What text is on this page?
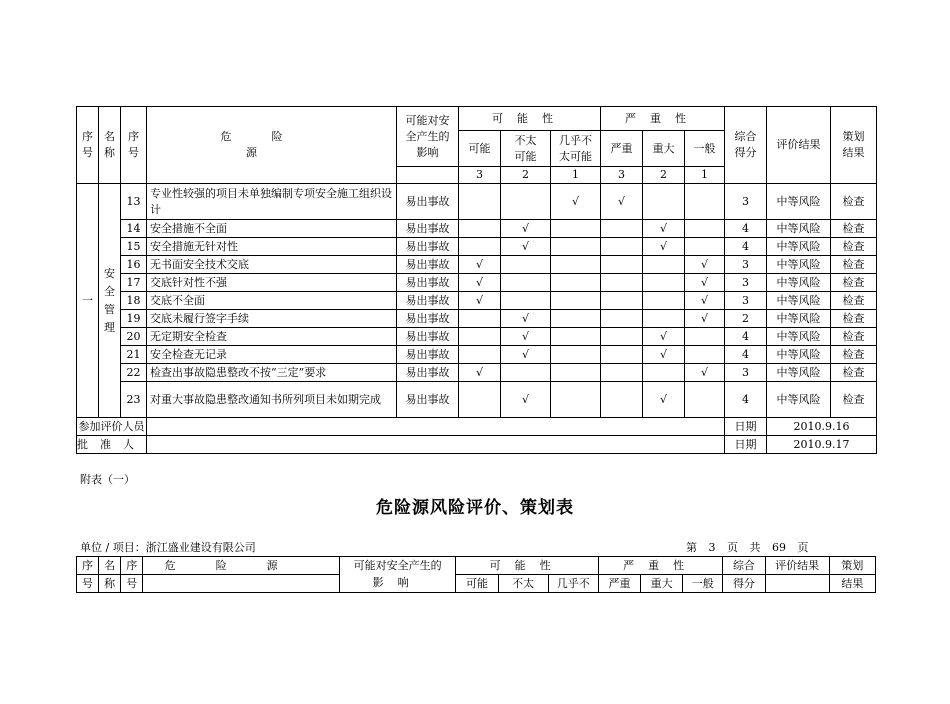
序号	名称	序号	危险源	可能对安全产生的影响	可能性			严重性			综合得分	评价结果	策划结果
					可能	不太可能	几乎不太可能	严重	重大	一般			
					3	2	1	3	2	1			
一	安全管理	13	专业性较强的项目未单独编制专项安全施工组织设计	易出事故			√	√			3	中等风险	检查
		14	安全措施不全面	易出事故		√			√		4	中等风险	检查
		15	安全措施无针对性	易出事故		√			√		4	中等风险	检查
		16	无书面安全技术交底	易出事故	√					√	3	中等风险	检查
		17	交底针对性不强	易出事故	√					√	3	中等风险	检查
		18	交底不全面	易出事故	√					√	3	中等风险	检查
		19	交底未履行签字手续	易出事故		√				√	2	中等风险	检查
		20	无定期安全检查	易出事故		√			√		4	中等风险	检查
		21	安全检查无记录	易出事故		√			√		4	中等风险	检查
		22	检查出事故隐患整改不按“三定”要求	易出事故	√					√	3	中等风险	检查
		23	对重大事故隐患整改通知书所列项目未如期完成	易出事故		√			√		4	中等风险	检查
参加评价人员											日期	2010.9.16	
批准人											日期	2010.9.17	
附表（一）
危险源风险评价、策划表
单位 / 项目：浙江盛业建设有限公司	第 3 页 共 69 页
序	名	序	危险源	可能对安全产生的	可能性			严重性			综合	评价结果	策划
号	称	号		影响	可能	不太	几乎不	严重	重大	一般	得分		结果
